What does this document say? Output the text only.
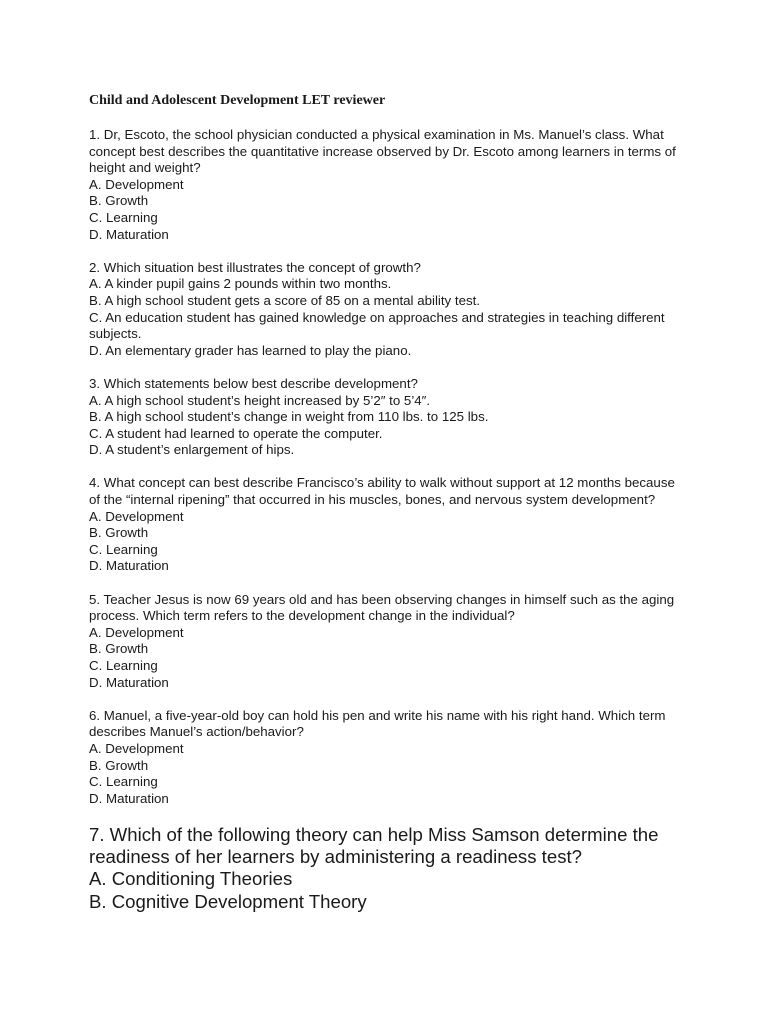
Child and Adolescent Development LET reviewer
1. Dr, Escoto, the school physician conducted a physical examination in Ms. Manuel’s class. What concept best describes the quantitative increase observed by Dr. Escoto among learners in terms of height and weight?
A. Development
B. Growth
C. Learning
D. Maturation
2. Which situation best illustrates the concept of growth?
A. A kinder pupil gains 2 pounds within two months.
B. A high school student gets a score of 85 on a mental ability test.
C. An education student has gained knowledge on approaches and strategies in teaching different subjects.
D. An elementary grader has learned to play the piano.
3. Which statements below best describe development?
A. A high school student’s height increased by 5’2″ to 5’4″.
B. A high school student’s change in weight from 110 lbs. to 125 lbs.
C. A student had learned to operate the computer.
D. A student’s enlargement of hips.
4. What concept can best describe Francisco’s ability to walk without support at 12 months because of the “internal ripening” that occurred in his muscles, bones, and nervous system development?
A. Development
B. Growth
C. Learning
D. Maturation
5. Teacher Jesus is now 69 years old and has been observing changes in himself such as the aging process. Which term refers to the development change in the individual?
A. Development
B. Growth
C. Learning
D. Maturation
6. Manuel, a five-year-old boy can hold his pen and write his name with his right hand. Which term describes Manuel’s action/behavior?
A. Development
B. Growth
C. Learning
D. Maturation
7. Which of the following theory can help Miss Samson determine the readiness of her learners by administering a readiness test?
A. Conditioning Theories
B. Cognitive Development Theory
